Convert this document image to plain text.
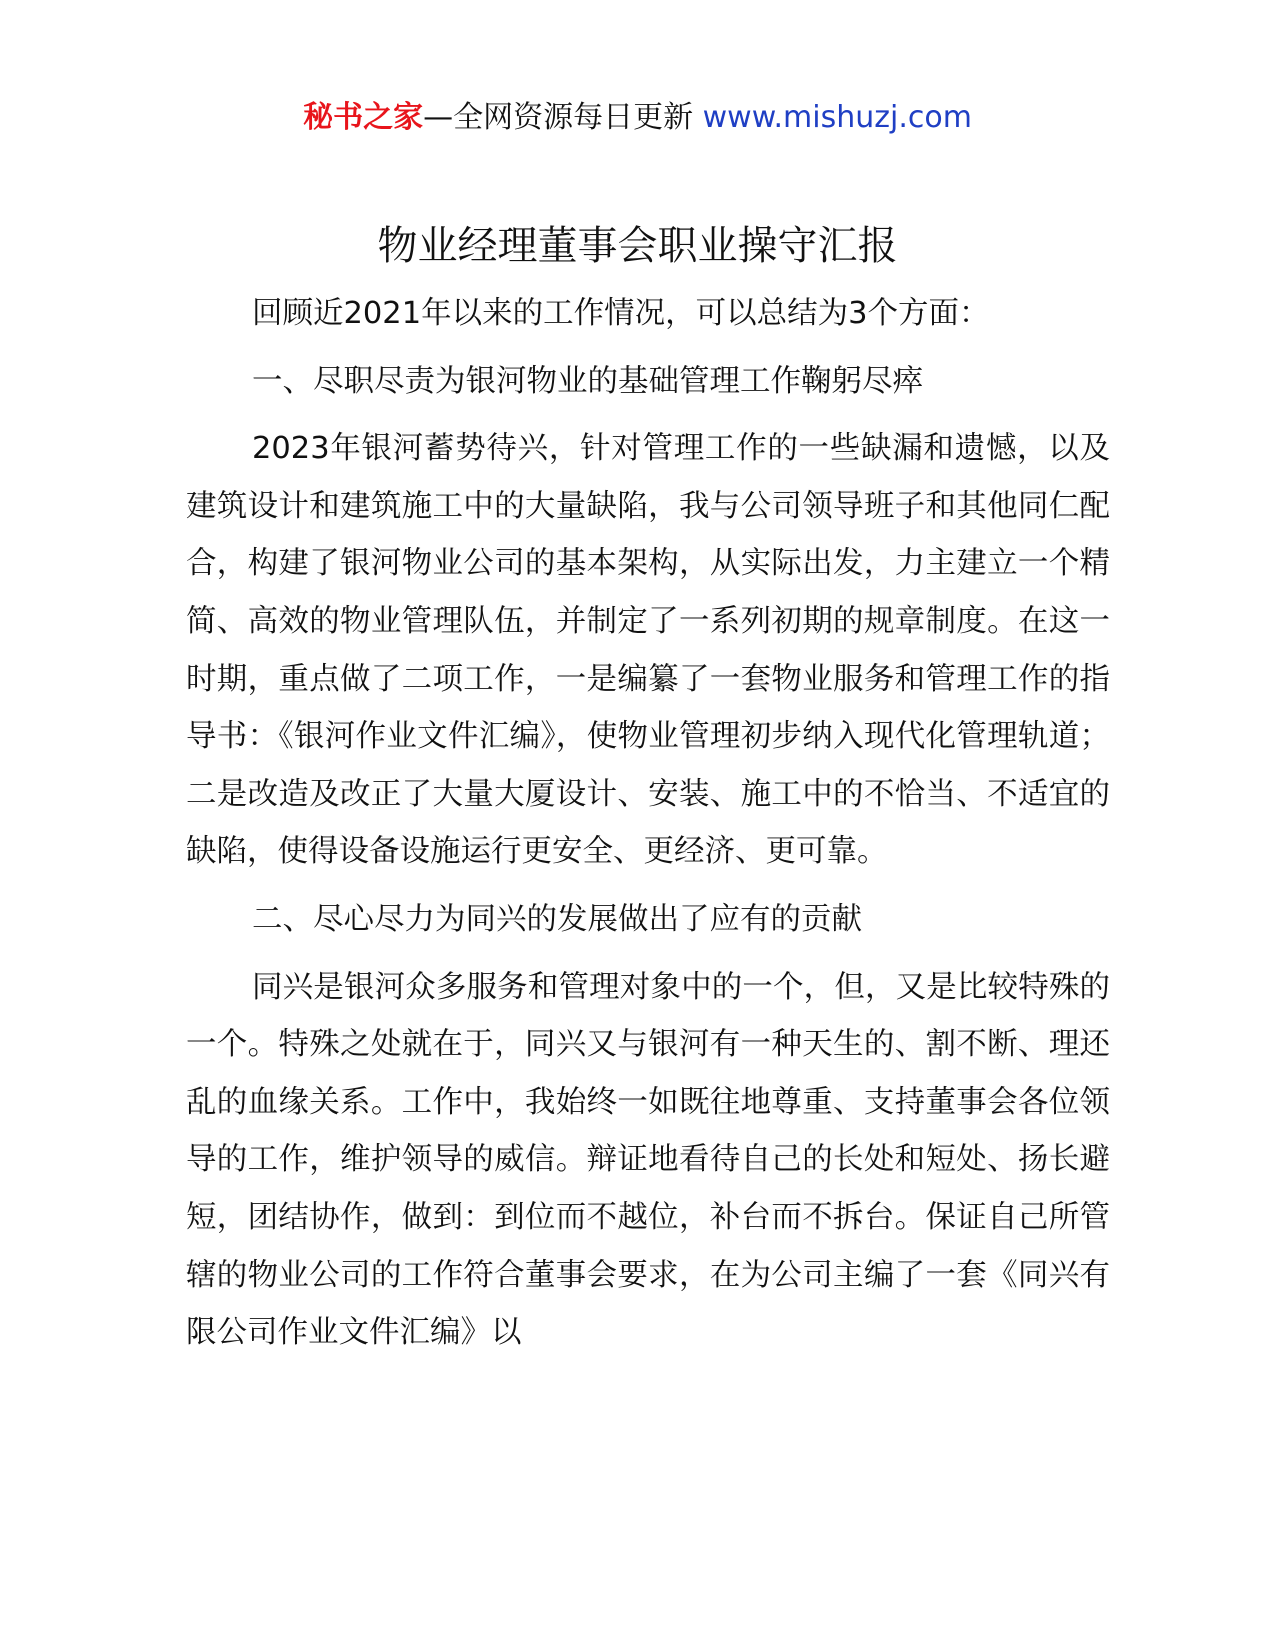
秘书之家—全网资源每日更新 www.mishuzj.com
物业经理董事会职业操守汇报

回顾近2021年以来的工作情况，可以总结为3个方面：

一、尽职尽责为银河物业的基础管理工作鞠躬尽瘁

2023年银河蓄势待兴，针对管理工作的一些缺漏和遗憾，以及建筑设计和建筑施工中的大量缺陷，我与公司领导班子和其他同仁配合，构建了银河物业公司的基本架构，从实际出发，力主建立一个精简、高效的物业管理队伍，并制定了一系列初期的规章制度。在这一时期，重点做了二项工作，一是编纂了一套物业服务和管理工作的指导书：《银河作业文件汇编》，使物业管理初步纳入现代化管理轨道；二是改造及改正了大量大厦设计、安装、施工中的不恰当、不适宜的缺陷，使得设备设施运行更安全、更经济、更可靠。

二、尽心尽力为同兴的发展做出了应有的贡献

同兴是银河众多服务和管理对象中的一个，但，又是比较特殊的一个。特殊之处就在于，同兴又与银河有一种天生的、割不断、理还乱的血缘关系。工作中，我始终一如既往地尊重、支持董事会各位领导的工作，维护领导的威信。辩证地看待自己的长处和短处、扬长避短，团结协作，做到：到位而不越位，补台而不拆台。保证自己所管辖的物业公司的工作符合董事会要求，在为公司主编了一套《同兴有限公司作业文件汇编》以
